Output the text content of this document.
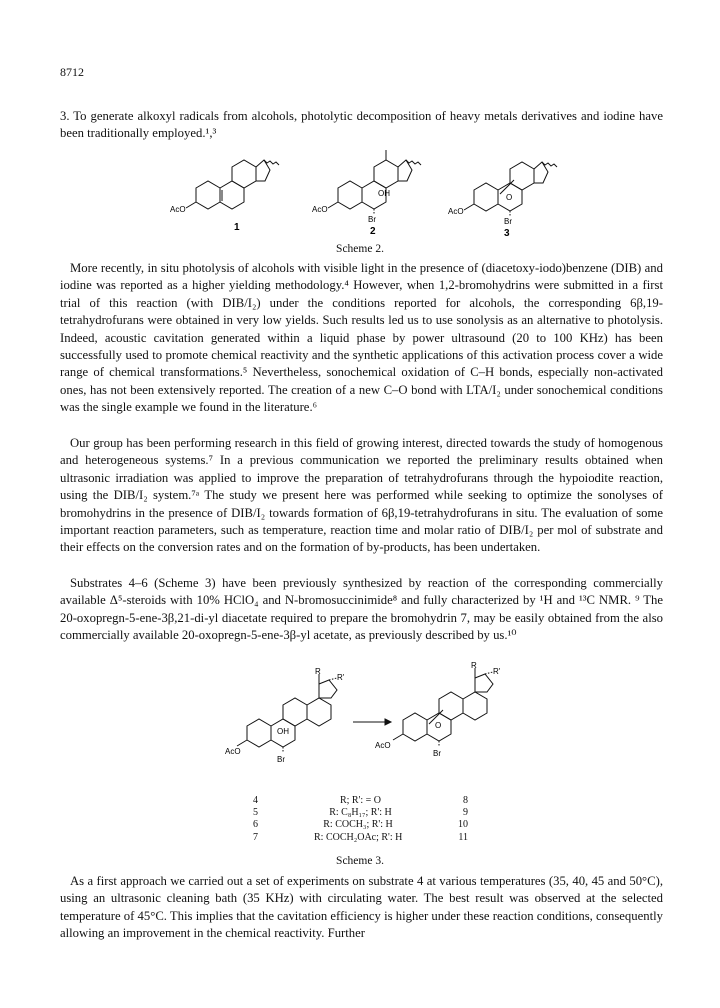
8712

3. To generate alkoxyl radicals from alcohols, photolytic decomposition of heavy metals derivatives and iodine have been traditionally employed.¹,³

AcO
1
AcO
OH
Br
2
AcO
O
Br
3
Scheme 2.

More recently, in situ photolysis of alcohols with visible light in the presence of (diacetoxy-iodo)benzene (DIB) and iodine was reported as a higher yielding methodology.⁴ However, when 1,2-bromohydrins were submitted in a first trial of this reaction (with DIB/I₂) under the conditions reported for alcohols, the corresponding 6β,19-tetrahydrofurans were obtained in very low yields. Such results led us to use sonolysis as an alternative to photolysis. Indeed, acoustic cavitation generated within a liquid phase by power ultrasound (20 to 100 KHz) has been successfully used to promote chemical reactivity and the synthetic applications of this activation process cover a wide range of chemical transformations.⁵ Nevertheless, sonochemical oxidation of C–H bonds, especially non-activated ones, has not been extensively reported. The creation of a new C–O bond with LTA/I₂ under sonochemical conditions was the single example we found in the literature.⁶

Our group has been performing research in this field of growing interest, directed towards the study of homogenous and heterogeneous systems.⁷ In a previous communication we reported the preliminary results obtained when ultrasonic irradiation was applied to improve the preparation of tetrahydrofurans through the hypoiodite reaction, using the DIB/I₂ system.⁷ᵃ The study we present here was performed while seeking to optimize the sonolyses of bromohydrins in the presence of DIB/I₂ towards formation of 6β,19-tetrahydrofurans in situ. The evaluation of some important reaction parameters, such as temperature, reaction time and molar ratio of DIB/I₂ per mol of substrate and their effects on the conversion rates and on the formation of by-products, has been undertaken.

Substrates 4–6 (Scheme 3) have been previously synthesized by reaction of the corresponding commercially available Δ⁵-steroids with 10% HClO₄ and N-bromosuccinimide⁸ and fully characterized by ¹H and ¹³C NMR. ⁹ The 20-oxopregn-5-ene-3β,21-di-yl diacetate required to prepare the bromohydrin 7, may be easily obtained from the also commercially available 20-oxopregn-5-ene-3β-yl acetate, as previously described by us.¹⁰

R
R'
OH
AcO
Br
R
R'
O
AcO
Br
4	R; R': = O	8
5	R: C₈H₁₇; R': H	9
6	R: COCH₃; R': H	10
7	R: COCH₂OAc; R': H	11
Scheme 3.

As a first approach we carried out a set of experiments on substrate 4 at various temperatures (35, 40, 45 and 50°C), using an ultrasonic cleaning bath (35 KHz) with circulating water. The best result was observed at the selected temperature of 45°C. This implies that the cavitation efficiency is higher under these reaction conditions, consequently allowing an improvement in the chemical reactivity. Further
